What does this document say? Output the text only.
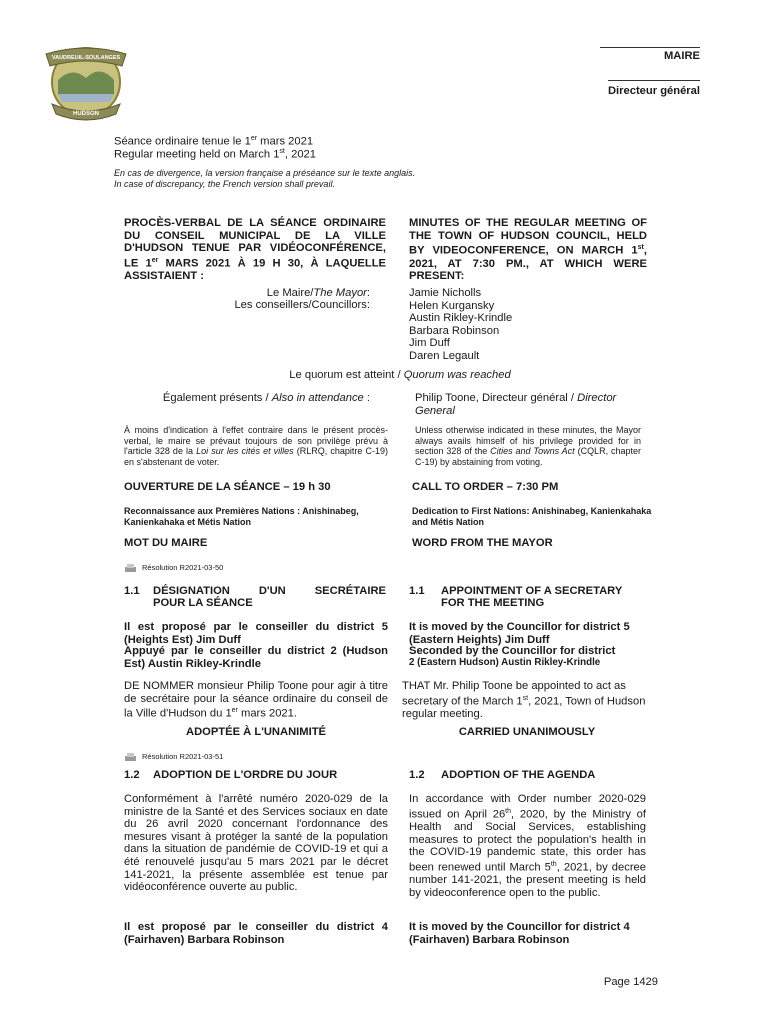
VAUDREUIL-SOULANGES
HUDSON
MAIRE
Directeur général
Séance ordinaire tenue le 1er mars 2021
Regular meeting held on March 1st, 2021
En cas de divergence, la version française a préséance sur le texte anglais.
In case of discrepancy, the French version shall prevail.
PROCÈS-VERBAL DE LA SÉANCE ORDINAIRE DU CONSEIL MUNICIPAL DE LA VILLE D'HUDSON TENUE PAR VIDÉOCONFÉRENCE, LE 1er MARS 2021 À 19 H 30, À LAQUELLE ASSISTAIENT :
MINUTES OF THE REGULAR MEETING OF THE TOWN OF HUDSON COUNCIL, HELD BY VIDEOCONFERENCE, ON MARCH 1st, 2021, AT 7:30 PM., AT WHICH WERE PRESENT:
Le Maire/The Mayor:
Les conseillers/Councillors:
Jamie Nicholls
Helen Kurgansky
Austin Rikley-Krindle
Barbara Robinson
Jim Duff
Daren Legault
Le quorum est atteint / Quorum was reached
Également présents / Also in attendance :	Philip Toone, Directeur général / Director General
À moins d'indication à l'effet contraire dans le présent procès-verbal, le maire se prévaut toujours de son privilège prévu à l'article 328 de la Loi sur les cités et villes (RLRQ, chapitre C-19) en s'abstenant de voter.
Unless otherwise indicated in these minutes, the Mayor always avails himself of his privilege provided for in section 328 of the Cities and Towns Act (CQLR, chapter C-19) by abstaining from voting.
OUVERTURE DE LA SÉANCE – 19 h 30	CALL TO ORDER – 7:30 PM
Reconnaissance aux Premières Nations : Anishinabeg, Kanienkahaka et Métis Nation
Dedication to First Nations: Anishinabeg, Kanienkahaka and Métis Nation
MOT DU MAIRE	WORD FROM THE MAYOR
Résolution R2021-03-50
1.1	DÉSIGNATION D'UN SECRÉTAIRE
POUR LA SÉANCE
1.1	APPOINTMENT OF A SECRETARY
FOR THE MEETING
Il est proposé par le conseiller du district 5 (Heights Est) Jim Duff
Appuyé par le conseiller du district 2 (Hudson Est) Austin Rikley-Krindle
It is moved by the Councillor for district 5 (Eastern Heights) Jim Duff
Seconded by the Councillor for district
2 (Eastern Hudson) Austin Rikley-Krindle
DE NOMMER monsieur Philip Toone pour agir à titre de secrétaire pour la séance ordinaire du conseil de la Ville d'Hudson du 1er mars 2021.
THAT Mr. Philip Toone be appointed to act as secretary of the March 1st, 2021, Town of Hudson regular meeting.
ADOPTÉE À L'UNANIMITÉ	CARRIED UNANIMOUSLY
Résolution R2021-03-51
1.2	ADOPTION DE L'ORDRE DU JOUR	1.2	ADOPTION OF THE AGENDA
Conformément à l'arrêté numéro 2020-029 de la ministre de la Santé et des Services sociaux en date du 26 avril 2020 concernant l'ordonnance des mesures visant à protéger la santé de la population dans la situation de pandémie de COVID-19 et qui a été renouvelé jusqu'au 5 mars 2021 par le décret 141-2021, la présente assemblée est tenue par vidéoconférence ouverte au public.
In accordance with Order number 2020-029 issued on April 26th, 2020, by the Ministry of Health and Social Services, establishing measures to protect the population's health in the COVID-19 pandemic state, this order has been renewed until March 5th, 2021, by decree number 141-2021, the present meeting is held by videoconference open to the public.
Il est proposé par le conseiller du district 4 (Fairhaven) Barbara Robinson
It is moved by the Councillor for district 4 (Fairhaven) Barbara Robinson
Page 1429
